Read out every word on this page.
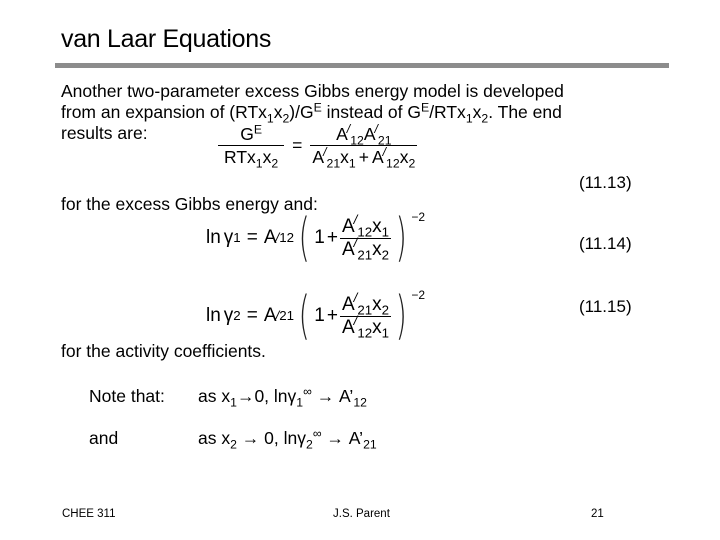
van Laar Equations
Another two-parameter excess Gibbs energy model is developed
from an expansion of $(RTx_1x_2)/G^E$ instead of $G^E/RTx_1x_2$. The end
results are:	$\frac{G^E}{RTx_1x_2} = \frac{A^/_{12}A^/_{21}}{A^/_{21}x_1 + A^/_{12}x_2}$
(11.13)
for the excess Gibbs energy and:
ln γ 1 = A / 12 ( $1 + \frac{A^/_{12}x_1}{A^/_{21}x_2}$ ) −2
(11.14)
ln γ 2 = A / 21 ( $1 + \frac{A^/_{21}x_2}{A^/_{12}x_1}$ ) −2
(11.15)
for the activity coefficients.
Note that: as $x_1\to 0$, $\ln\gamma_1^\infty \to A’_{12}$
and	as $x_2 \to 0$, $\ln\gamma_2^\infty \to A’_{21}$
CHEE 311	J.S. Parent	21
